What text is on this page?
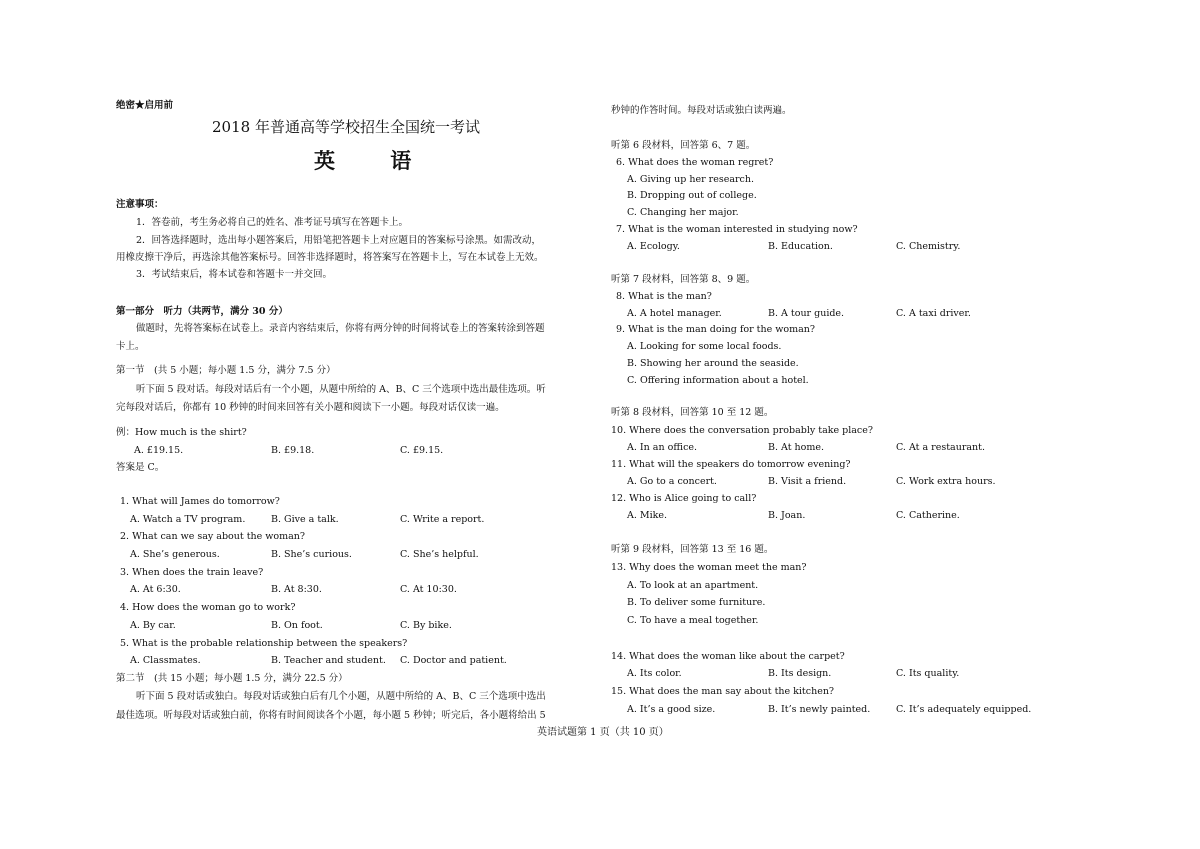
绝密★启用前
2018 年普通高等学校招生全国统一考试
英 语
注意事项：
1．答卷前，考生务必将自己的姓名、准考证号填写在答题卡上。
2．回答选择题时，选出每小题答案后，用铅笔把答题卡上对应题目的答案标号涂黑。如需改动，
用橡皮擦干净后，再选涂其他答案标号。回答非选择题时，将答案写在答题卡上，写在本试卷上无效。
3．考试结束后，将本试卷和答题卡一并交回。
第一部分　听力（共两节，满分 30 分）
做题时，先将答案标在试卷上。录音内容结束后，你将有两分钟的时间将试卷上的答案转涂到答题
卡上。
第一节　(共 5 小题；每小题 1.5 分，满分 7.5 分）
听下面 5 段对话。每段对话后有一个小题，从题中所给的 A、B、C 三个选项中选出最佳选项。听
完每段对话后，你都有 10 秒钟的时间来回答有关小题和阅读下一小题。每段对话仅读一遍。
例：How much is the shirt?
A. £19.15.	B. £9.18.	C. £9.15.
答案是 C。
1. What will James do tomorrow?
A. Watch a TV program.	B. Give a talk.	C. Write a report.
2. What can we say about the woman?
A. She’s generous.	B. She’s curious.	C. She’s helpful.
3. When does the train leave?
A. At 6:30.	B. At 8:30.	C. At 10:30.
4. How does the woman go to work?
A. By car.	B. On foot.	C. By bike.
5. What is the probable relationship between the speakers?
A. Classmates.	B. Teacher and student. C. Doctor and patient.
第二节　(共 15 小题；每小题 1.5 分，满分 22.5 分）
听下面 5 段对话或独白。每段对话或独白后有几个小题，从题中所给的 A、B、C 三个选项中选出
最佳选项。听每段对话或独白前，你将有时间阅读各个小题，每小题 5 秒钟；听完后，各小题将给出 5
秒钟的作答时间。每段对话或独白读两遍。
听第 6 段材料，回答第 6、7 题。
6. What does the woman regret?
A. Giving up her research.
B. Dropping out of college.
C. Changing her major.
7. What is the woman interested in studying now?
A. Ecology.	B. Education.	C. Chemistry.
听第 7 段材料，回答第 8、9 题。
8. What is the man?
A. A hotel manager.	B. A tour guide.	C. A taxi driver.
9. What is the man doing for the woman?
A. Looking for some local foods.
B. Showing her around the seaside.
C. Offering information about a hotel.
听第 8 段材料，回答第 10 至 12 题。
10. Where does the conversation probably take place?
A. In an office.	B. At home.	C. At a restaurant.
11. What will the speakers do tomorrow evening?
A. Go to a concert.	B. Visit a friend.	C. Work extra hours.
12. Who is Alice going to call?
A. Mike.	B. Joan.	C. Catherine.
听第 9 段材料，回答第 13 至 16 题。
13. Why does the woman meet the man?
A. To look at an apartment.
B. To deliver some furniture.
C. To have a meal together.
14. What does the woman like about the carpet?
A. Its color.	B. Its design.	C. Its quality.
15. What does the man say about the kitchen?
A. It’s a good size.	B. It’s newly painted.	C. It’s adequately equipped.
英语试题第 1 页（共 10 页）
